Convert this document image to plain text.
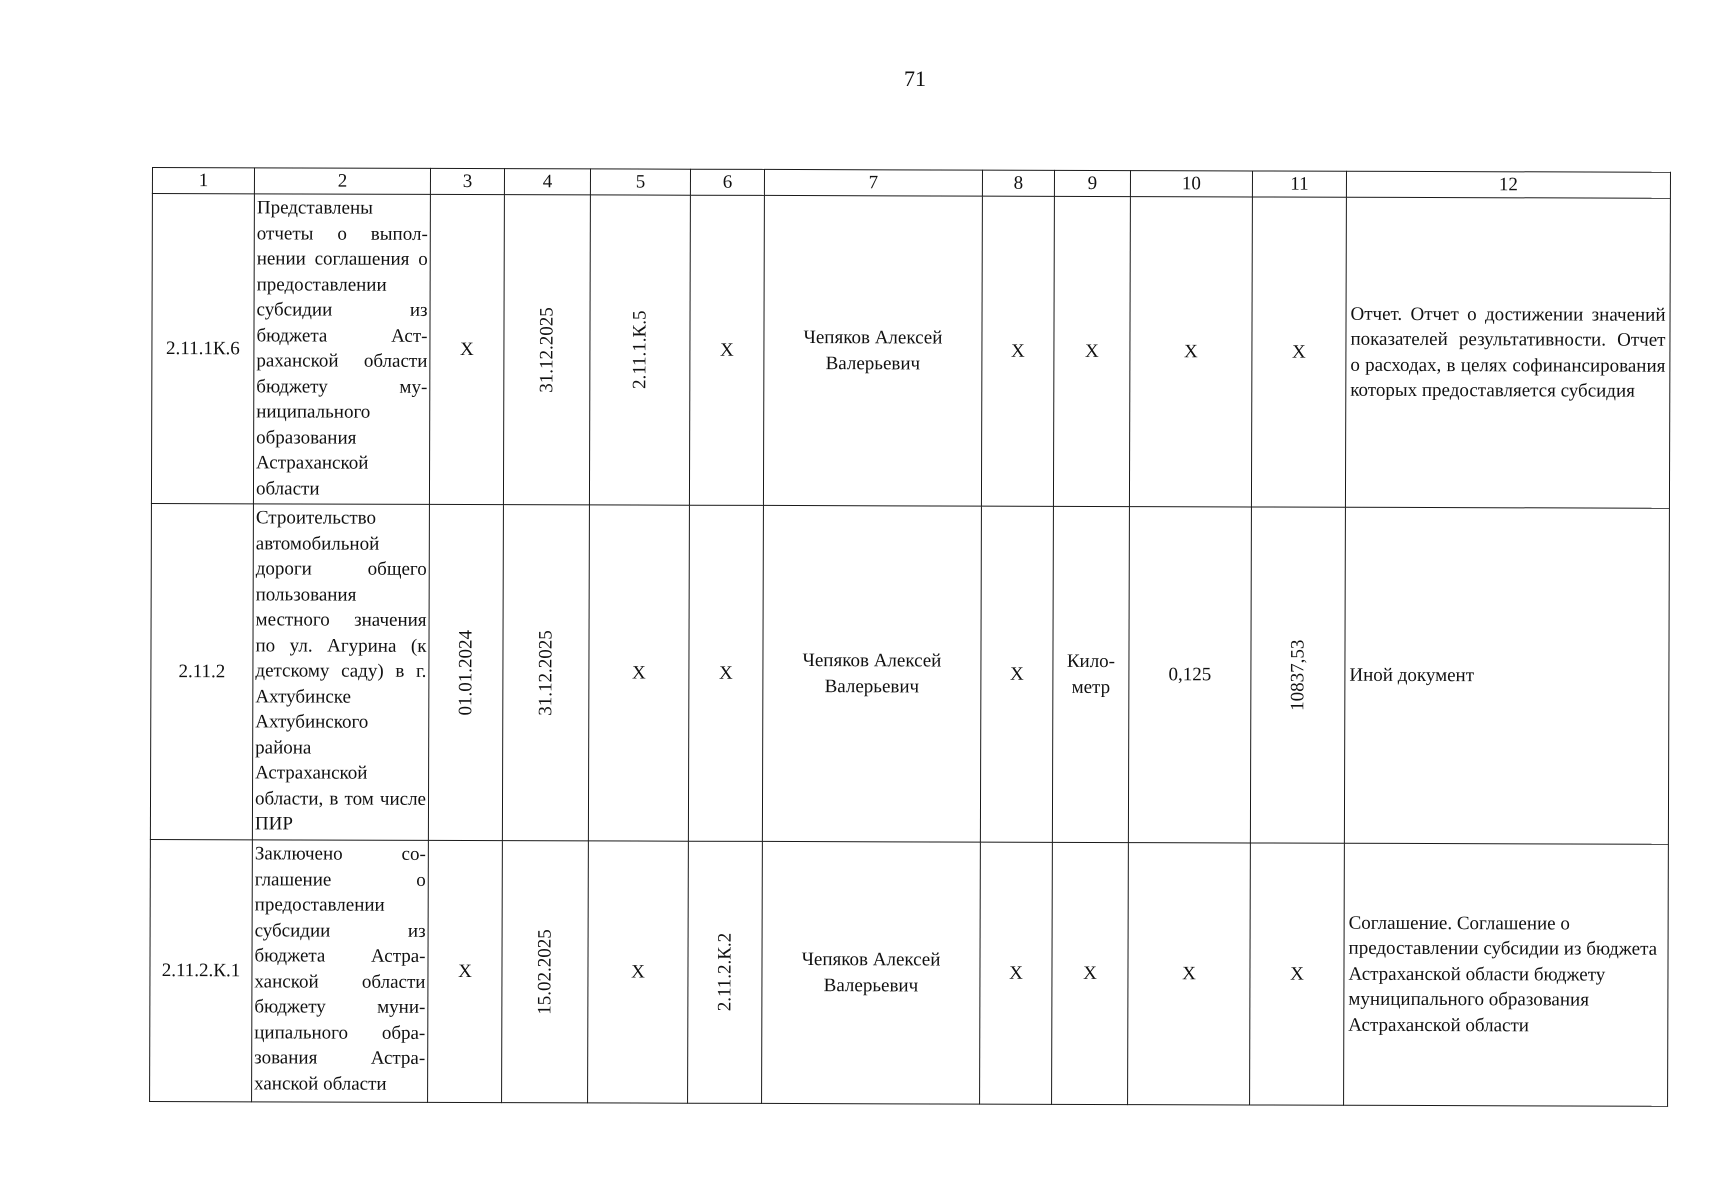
71
1	2	3	4	5	6	7	8	9	10	11	12
2.11.1К.6	Представлены отчеты о выполнении соглашения о предоставлении субсидии из бюджета Астраханской области бюджету муниципального образования Астраханской области	Х	31.12.2025	2.11.1.К.5	Х	Чепяков Алексей Валерьевич	Х	Х	Х	Х	Отчет. Отчет о достижении значений показателей результативности. Отчет о расходах, в целях софинансирования которых предоставляется субсидия
2.11.2	Строительство автомобильной дороги общего пользования местного значения по ул. Агурина (к детскому саду) в г. Ахтубинске Ахтубинского района Астраханской области, в том числе ПИР	01.01.2024	31.12.2025	Х	Х	Чепяков Алексей Валерьевич	Х	Километр	0,125	10837,53	Иной документ
2.11.2.К.1	Заключено соглашение о предоставлении субсидии из бюджета Астраханской области бюджету муниципального образования Астраханской области	Х	15.02.2025	Х	2.11.2.К.2	Чепяков Алексей Валерьевич	Х	Х	Х	Х	Соглашение. Соглашение о предоставлении субсидии из бюджета Астраханской области бюджету муниципального образования Астраханской области
